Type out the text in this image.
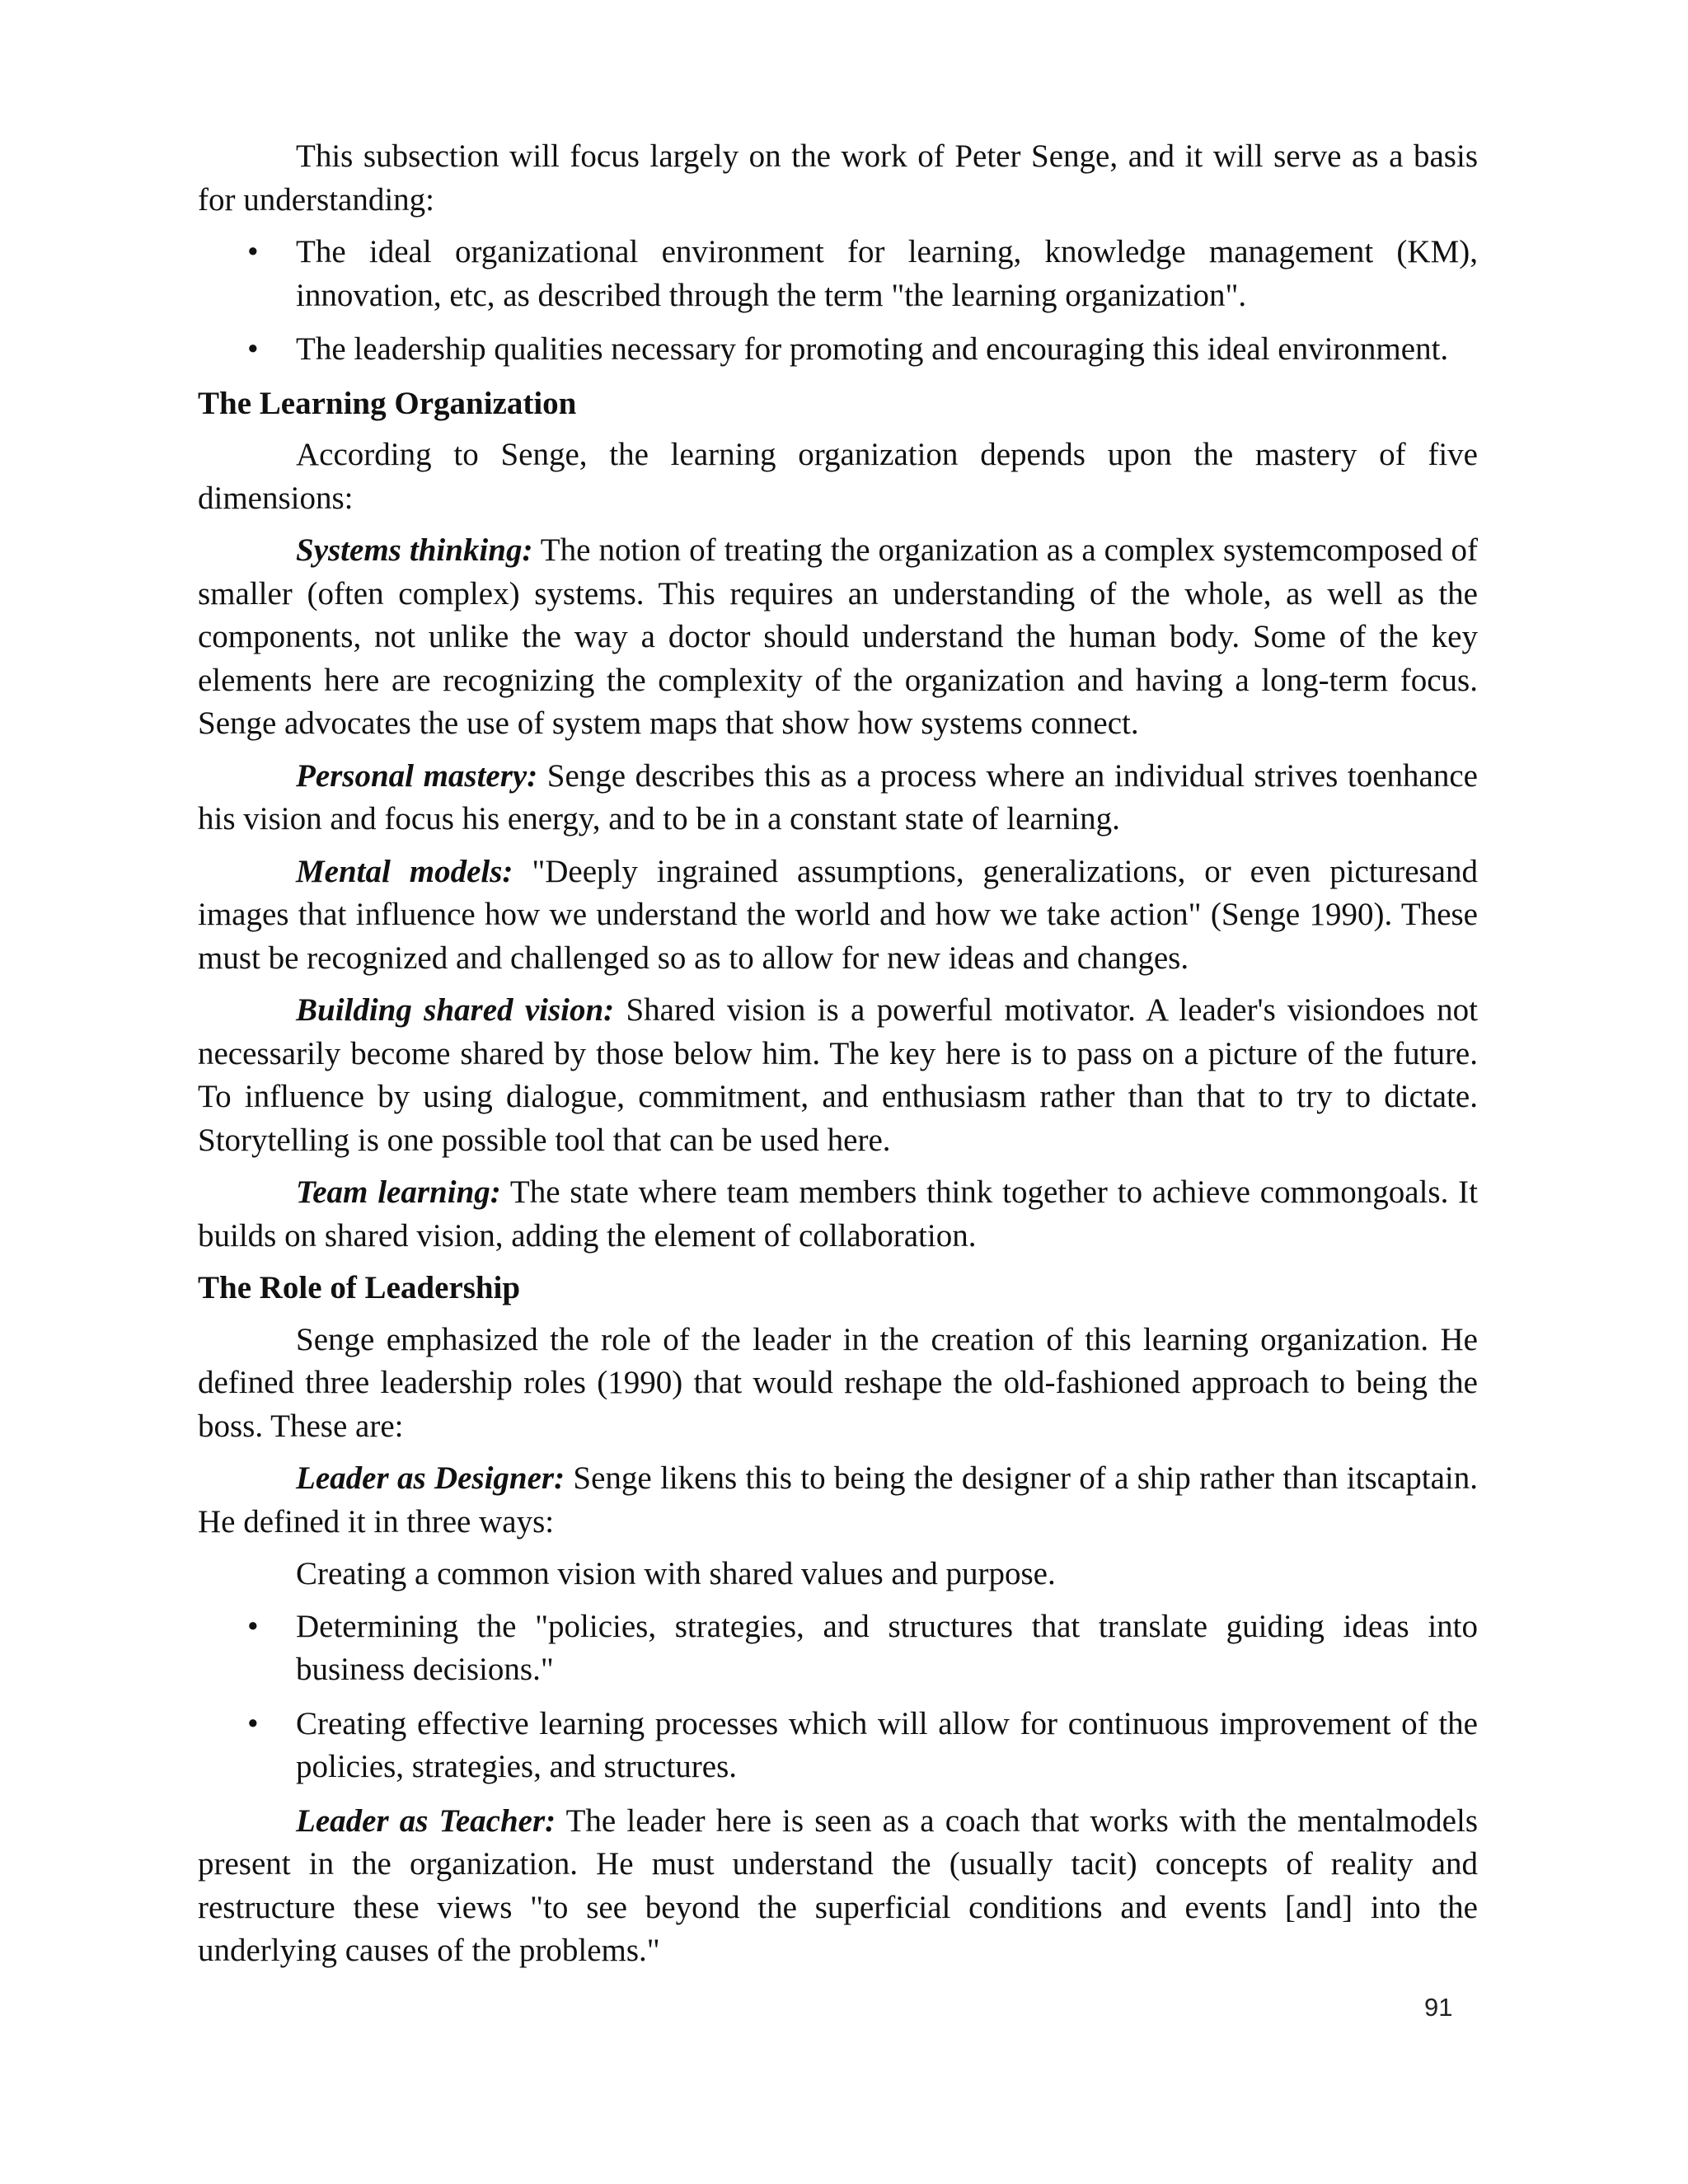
This subsection will focus largely on the work of Peter Senge, and it will serve as a basis for understanding:

• The ideal organizational environment for learning, knowledge management (KM), innovation, etc, as described through the term "the learning organization".
• The leadership qualities necessary for promoting and encouraging this ideal environment.

The Learning Organization

According to Senge, the learning organization depends upon the mastery of five dimensions:

Systems thinking: The notion of treating the organization as a complex systemcomposed of smaller (often complex) systems. This requires an understanding of the whole, as well as the components, not unlike the way a doctor should understand the human body. Some of the key elements here are recognizing the complexity of the organization and having a long-term focus. Senge advocates the use of system maps that show how systems connect.

Personal mastery: Senge describes this as a process where an individual strives toenhance his vision and focus his energy, and to be in a constant state of learning.

Mental models: "Deeply ingrained assumptions, generalizations, or even picturesand images that influence how we understand the world and how we take action" (Senge 1990). These must be recognized and challenged so as to allow for new ideas and changes.

Building shared vision: Shared vision is a powerful motivator. A leader's visiondoes not necessarily become shared by those below him. The key here is to pass on a picture of the future. To influence by using dialogue, commitment, and enthusiasm rather than that to try to dictate. Storytelling is one possible tool that can be used here.

Team learning: The state where team members think together to achieve commongoals. It builds on shared vision, adding the element of collaboration.

The Role of Leadership

Senge emphasized the role of the leader in the creation of this learning organization. He defined three leadership roles (1990) that would reshape the old-fashioned approach to being the boss. These are:

Leader as Designer: Senge likens this to being the designer of a ship rather than itscaptain. He defined it in three ways:

Creating a common vision with shared values and purpose.

• Determining the "policies, strategies, and structures that translate guiding ideas into business decisions."
• Creating effective learning processes which will allow for continuous improvement of the policies, strategies, and structures.

Leader as Teacher: The leader here is seen as a coach that works with the mentalmodels present in the organization. He must understand the (usually tacit) concepts of reality and restructure these views "to see beyond the superficial conditions and events [and] into the underlying causes of the problems."

91
